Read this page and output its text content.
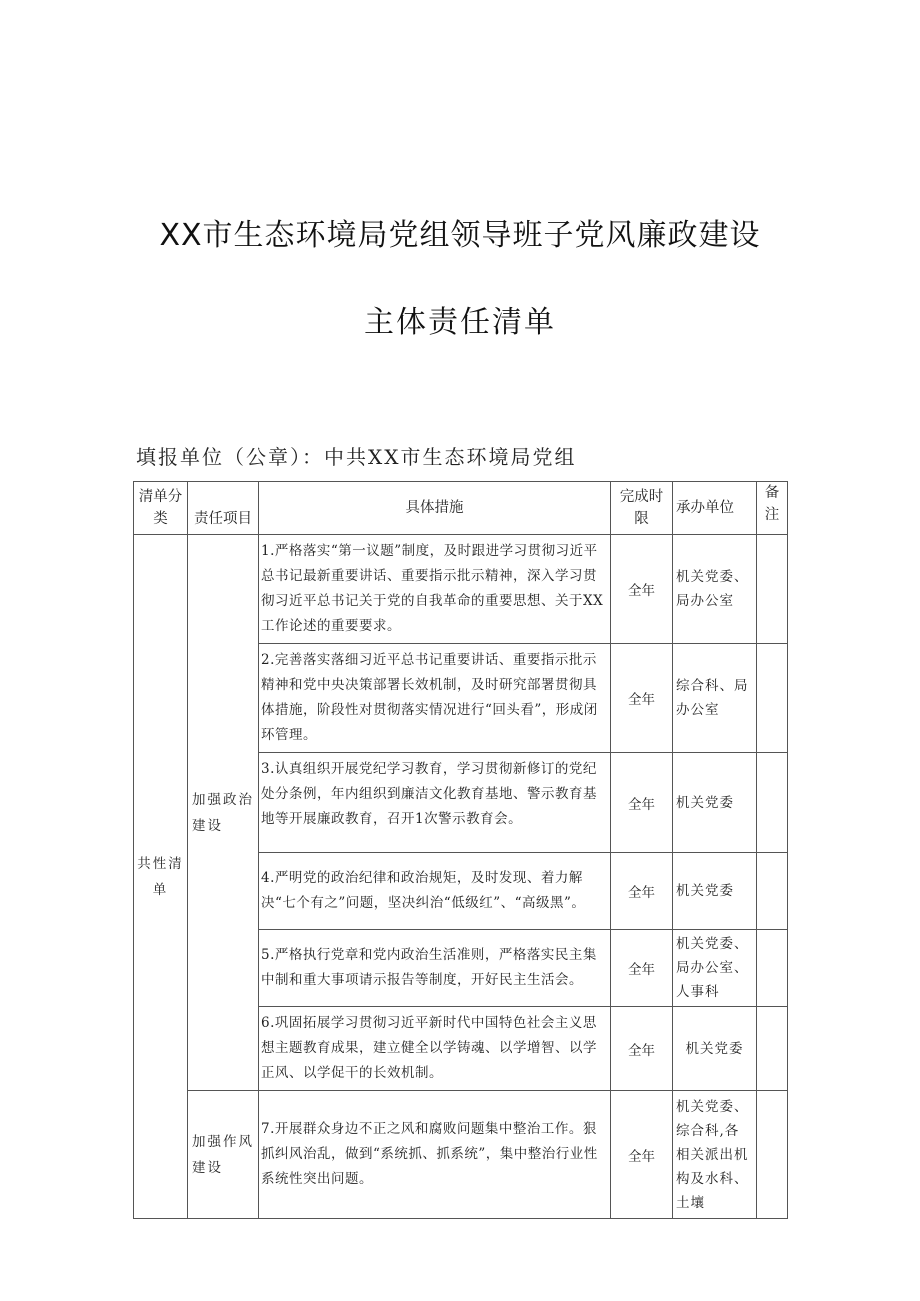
XX市生态环境局党组领导班子党风廉政建设
主体责任清单
填报单位（公章）：中共XX市生态环境局党组
清单分类	责任项目	具体措施	完成时限	承办单位	备注
共性清单	加强政治建设	1.严格落实“第一议题”制度，及时跟进学习贯彻习近平总书记最新重要讲话、重要指示批示精神，深入学习贯彻习近平总书记关于党的自我革命的重要思想、关于XX工作论述的重要要求。	全年	机关党委、局办公室	
		2.完善落实落细习近平总书记重要讲话、重要指示批示精神和党中央决策部署长效机制，及时研究部署贯彻具体措施，阶段性对贯彻落实情况进行“回头看”，形成闭环管理。	全年	综合科、局办公室	
		3.认真组织开展党纪学习教育，学习贯彻新修订的党纪处分条例，年内组织到廉洁文化教育基地、警示教育基地等开展廉政教育，召开1次警示教育会。	全年	机关党委	
		4.严明党的政治纪律和政治规矩，及时发现、着力解决“七个有之”问题，坚决纠治“低级红”、“高级黑”。	全年	机关党委	
		5.严格执行党章和党内政治生活准则，严格落实民主集中制和重大事项请示报告等制度，开好民主生活会。	全年	机关党委、局办公室、人事科	
		6.巩固拓展学习贯彻习近平新时代中国特色社会主义思想主题教育成果，建立健全以学铸魂、以学增智、以学正风、以学促干的长效机制。	全年	机关党委	
	加强作风建设	7.开展群众身边不正之风和腐败问题集中整治工作。狠抓纠风治乱，做到“系统抓、抓系统”，集中整治行业性系统性突出问题。	全年	机关党委、综合科,各相关派出机构及水科、土壤	
